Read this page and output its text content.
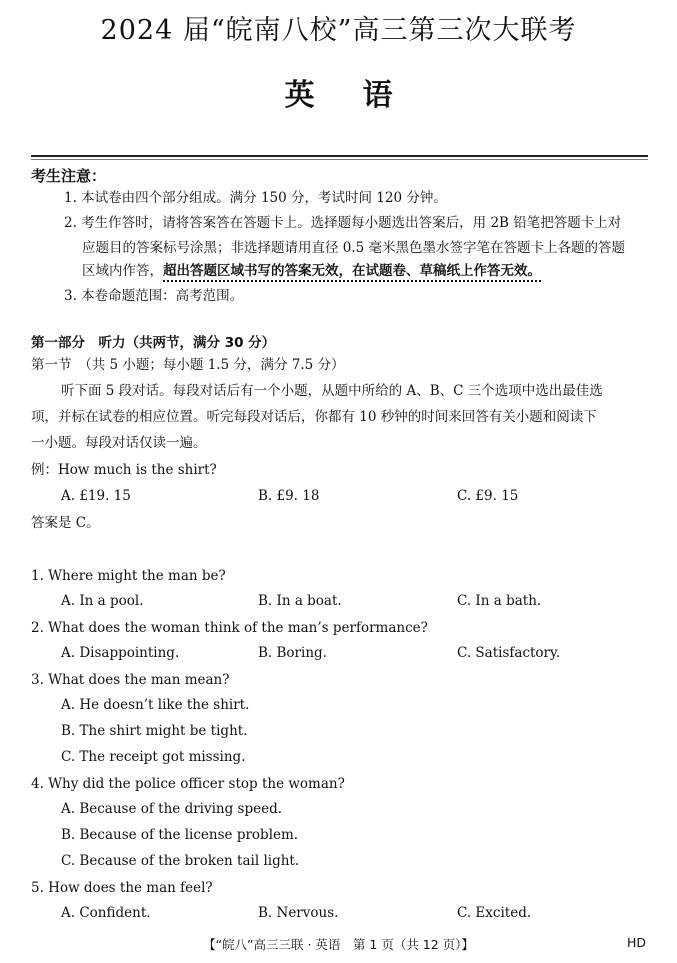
2024 届“皖南八校”高三第三次大联考
英语
考生注意：
1. 本试卷由四个部分组成。满分 150 分，考试时间 120 分钟。
2. 考生作答时，请将答案答在答题卡上。选择题每小题选出答案后，用 2B 铅笔把答题卡上对
应题目的答案标号涂黑；非选择题请用直径 0.5 毫米黑色墨水签字笔在答题卡上各题的答题
区域内作答，超出答题区域书写的答案无效，在试题卷、草稿纸上作答无效。
3. 本卷命题范围：高考范围。
第一部分　听力（共两节，满分 30 分）
第一节　（共 5 小题；每小题 1.5 分，满分 7.5 分）
听下面 5 段对话。每段对话后有一个小题，从题中所给的 A、B、C 三个选项中选出最佳选
项，并标在试卷的相应位置。听完每段对话后，你都有 10 秒钟的时间来回答有关小题和阅读下
一小题。每段对话仅读一遍。
例：How much is the shirt?
A. £19. 15	B. £9. 18	C. £9. 15
答案是 C。
1. Where might the man be?
A. In a pool.	B. In a boat.	C. In a bath.
2. What does the woman think of the man’s performance?
A. Disappointing.	B. Boring.	C. Satisfactory.
3. What does the man mean?
A. He doesn’t like the shirt.
B. The shirt might be tight.
C. The receipt got missing.
4. Why did the police officer stop the woman?
A. Because of the driving speed.
B. Because of the license problem.
C. Because of the broken tail light.
5. How does the man feel?
A. Confident.	B. Nervous.	C. Excited.
【“皖八”高三三联 · 英语　第 1 页（共 12 页）】	HD
